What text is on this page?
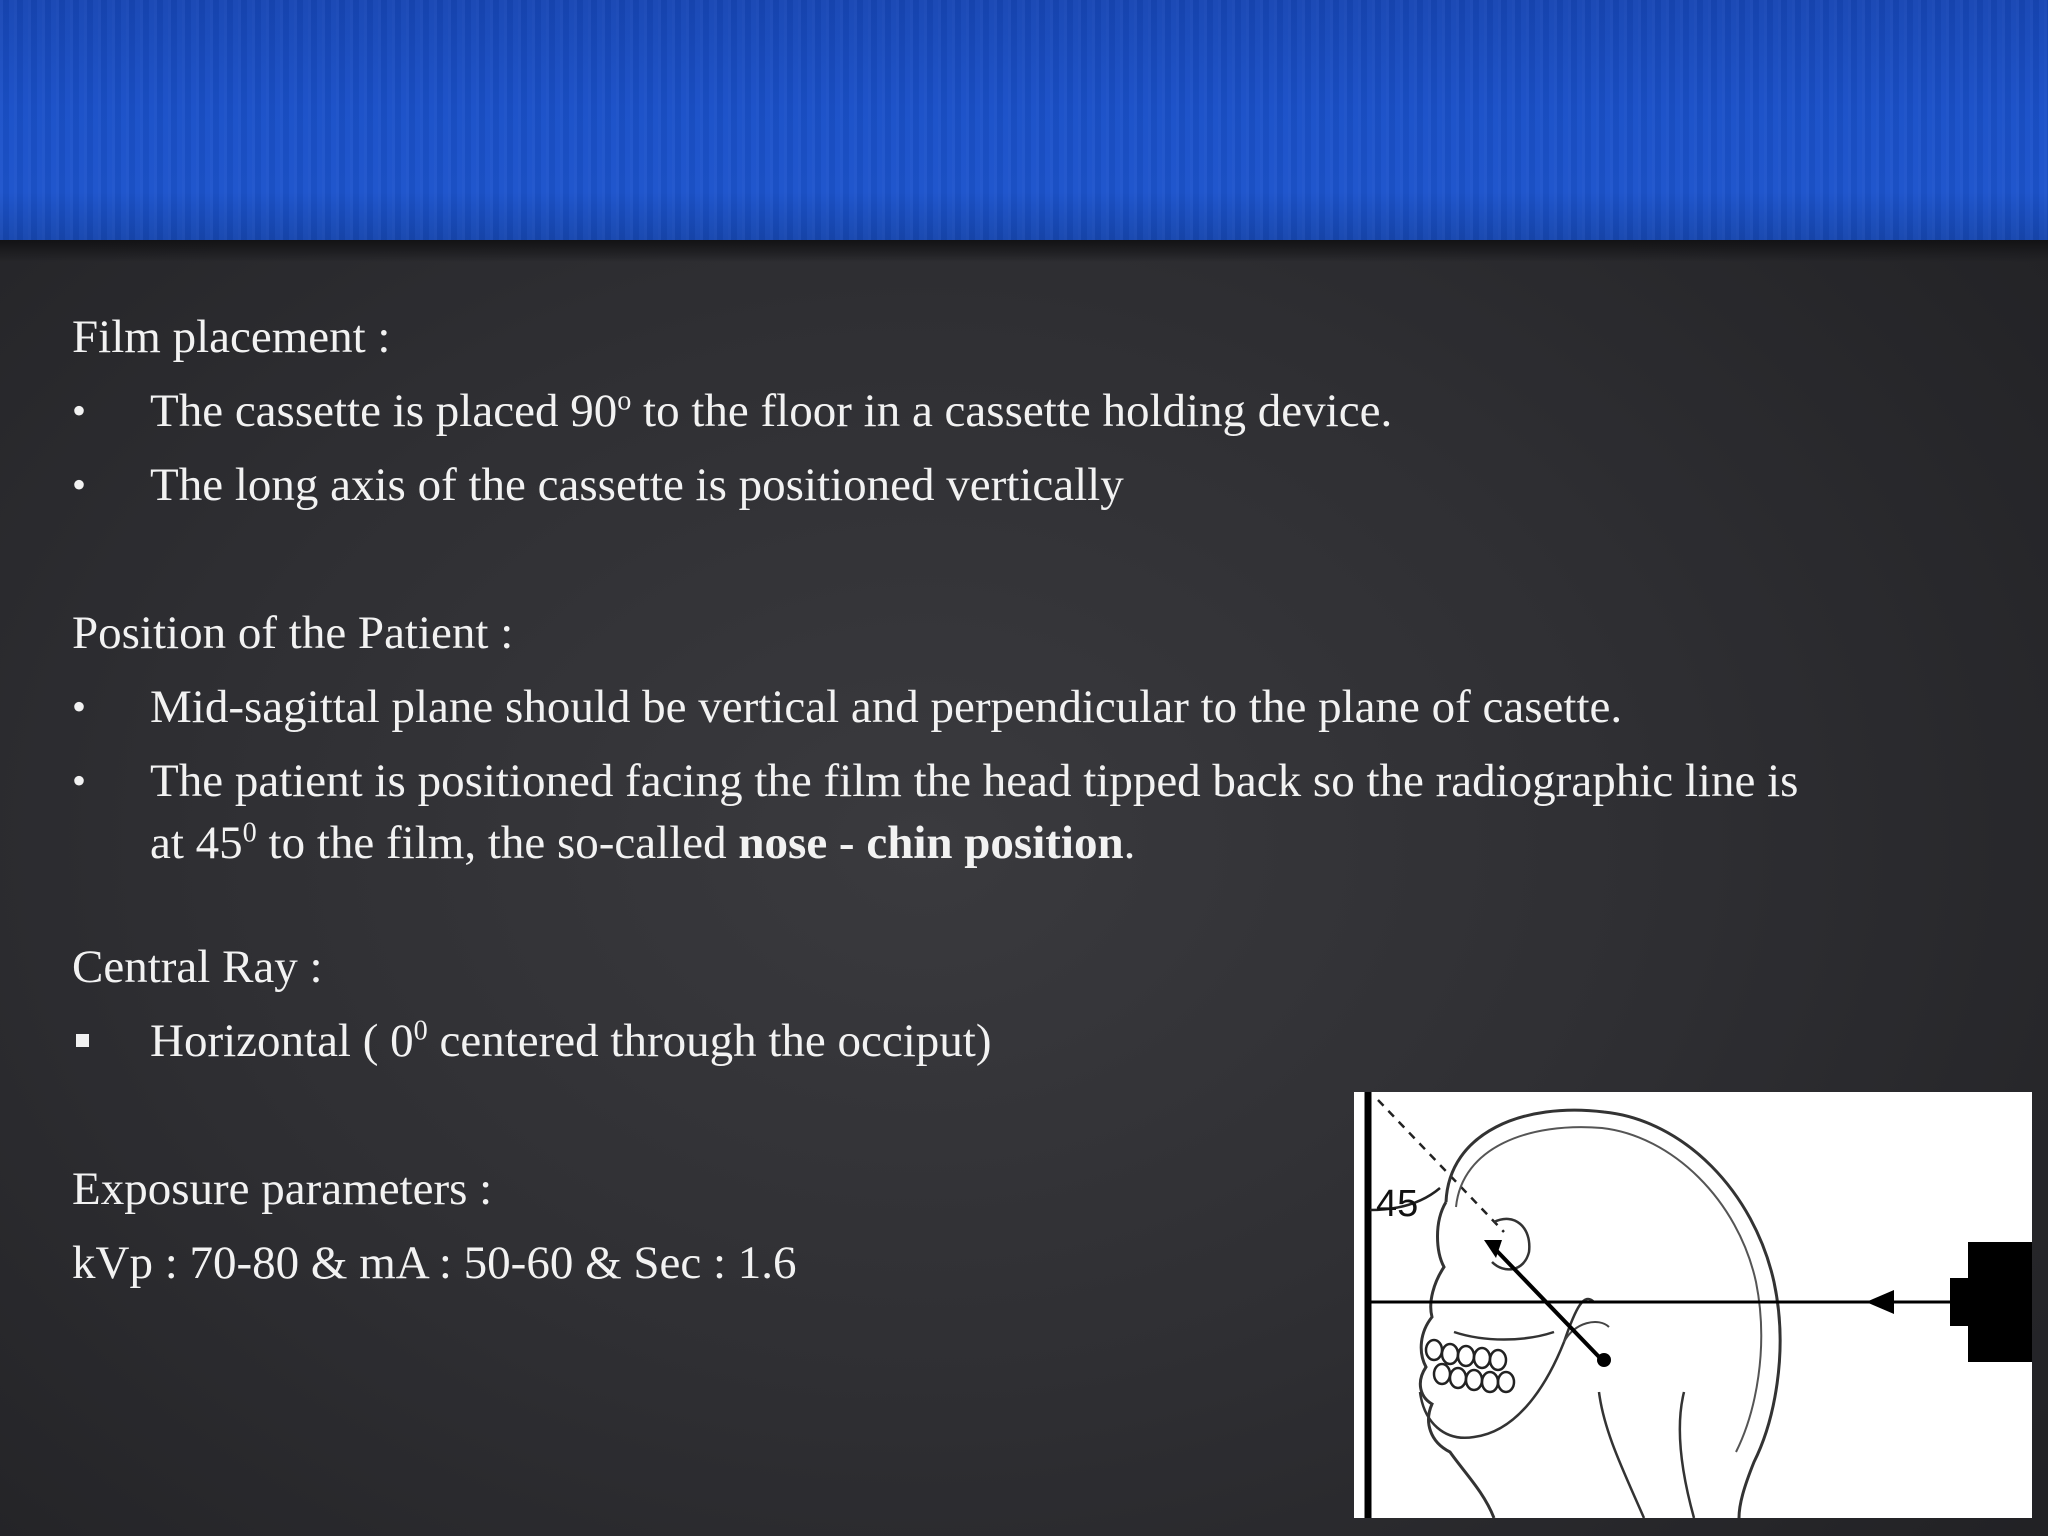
Film placement :
•	The cassette is placed 90$^o$ to the floor in a cassette holding device.
•	The long axis of the cassette is positioned vertically
Position of the Patient :
•	Mid-sagittal plane should be vertical and perpendicular to the plane of casette.
•	The patient is positioned facing the film the head tipped back so the radiographic line is
at $45^0$ to the film, the so-called nose - chin position.
Central Ray :
Horizontal ( $0^0$ centered through the occiput)
Exposure parameters :
kVp : 70-80 & mA : 50-60 & Sec : 1.6
45
